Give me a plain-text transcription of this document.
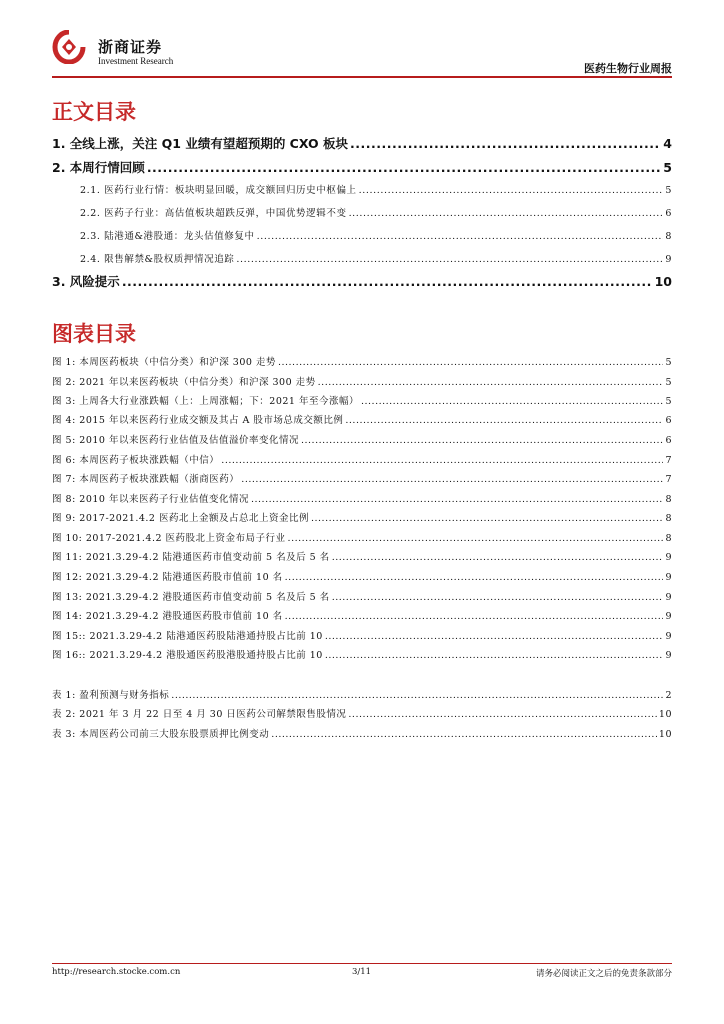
浙商证券
Investment Research
医药生物行业周报
正文目录
1. 全线上涨，关注 Q1 业绩有望超预期的 CXO 板块 .....	4
2. 本周行情回顾 .....	5
2.1. 医药行业行情：板块明显回暖，成交额回归历史中枢偏上 .....	5
2.2. 医药子行业：高估值板块超跌反弹，中国优势逻辑不变 .....	6
2.3. 陆港通&港股通：龙头估值修复中 .....	8
2.4. 限售解禁&股权质押情况追踪 .....	9
3. 风险提示 .....	10
图表目录
图 1: 本周医药板块（中信分类）和沪深 300 走势 .....	5
图 2: 2021 年以来医药板块（中信分类）和沪深 300 走势 .....	5
图 3: 上周各大行业涨跌幅（上：上周涨幅；下：2021 年至今涨幅） .....	5
图 4: 2015 年以来医药行业成交额及其占 A 股市场总成交额比例 .....	6
图 5: 2010 年以来医药行业估值及估值溢价率变化情况 .....	6
图 6: 本周医药子板块涨跌幅（中信） .....	7
图 7: 本周医药子板块涨跌幅（浙商医药） .....	7
图 8: 2010 年以来医药子行业估值变化情况 .....	8
图 9: 2017-2021.4.2 医药北上金额及占总北上资金比例 .....	8
图 10: 2017-2021.4.2 医药股北上资金布局子行业 .....	8
图 11: 2021.3.29-4.2 陆港通医药市值变动前 5 名及后 5 名 .....	9
图 12: 2021.3.29-4.2 陆港通医药股市值前 10 名 .....	9
图 13: 2021.3.29-4.2 港股通医药市值变动前 5 名及后 5 名 .....	9
图 14: 2021.3.29-4.2 港股通医药股市值前 10 名 .....	9
图 15:: 2021.3.29-4.2 陆港通医药股陆港通持股占比前 10 .....	9
图 16:: 2021.3.29-4.2 港股通医药股港股通持股占比前 10 .....	9
表 1: 盈利预测与财务指标 .....	2
表 2: 2021 年 3 月 22 日至 4 月 30 日医药公司解禁限售股情况 .....	10
表 3: 本周医药公司前三大股东股票质押比例变动 .....	10
http://research.stocke.com.cn	3/11	请务必阅读正文之后的免责条款部分
